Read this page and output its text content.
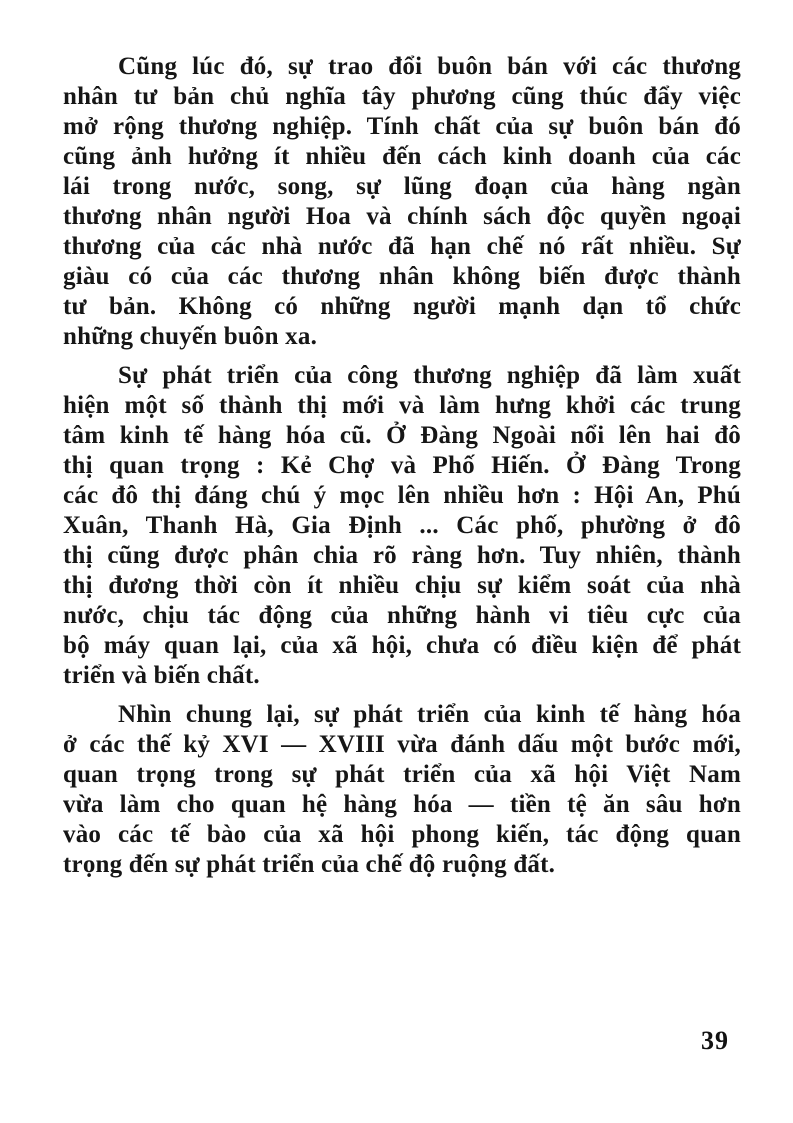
Cũng lúc đó, sự trao đổi buôn bán với các thương
nhân tư bản chủ nghĩa tây phương cũng thúc đẩy việc
mở rộng thương nghiệp. Tính chất của sự buôn bán đó
cũng ảnh hưởng ít nhiều đến cách kinh doanh của các
lái trong nước, song, sự lũng đoạn của hàng ngàn
thương nhân người Hoa và chính sách độc quyền ngoại
thương của các nhà nước đã hạn chế nó rất nhiều. Sự
giàu có của các thương nhân không biến được thành
tư bản. Không có những người mạnh dạn tổ chức
những chuyến buôn xa.
Sự phát triển của công thương nghiệp đã làm xuất
hiện một số thành thị mới và làm hưng khởi các trung
tâm kinh tế hàng hóa cũ. Ở Đàng Ngoài nổi lên hai đô
thị quan trọng : Kẻ Chợ và Phố Hiến. Ở Đàng Trong
các đô thị đáng chú ý mọc lên nhiều hơn : Hội An, Phú
Xuân, Thanh Hà, Gia Định ... Các phố, phường ở đô
thị cũng được phân chia rõ ràng hơn. Tuy nhiên, thành
thị đương thời còn ít nhiều chịu sự kiểm soát của nhà
nước, chịu tác động của những hành vi tiêu cực của
bộ máy quan lại, của xã hội, chưa có điều kiện để phát
triển và biến chất.
Nhìn chung lại, sự phát triển của kinh tế hàng hóa
ở các thế kỷ XVI — XVIII vừa đánh dấu một bước mới,
quan trọng trong sự phát triển của xã hội Việt Nam
vừa làm cho quan hệ hàng hóa — tiền tệ ăn sâu hơn
vào các tế bào của xã hội phong kiến, tác động quan
trọng đến sự phát triển của chế độ ruộng đất.
39
